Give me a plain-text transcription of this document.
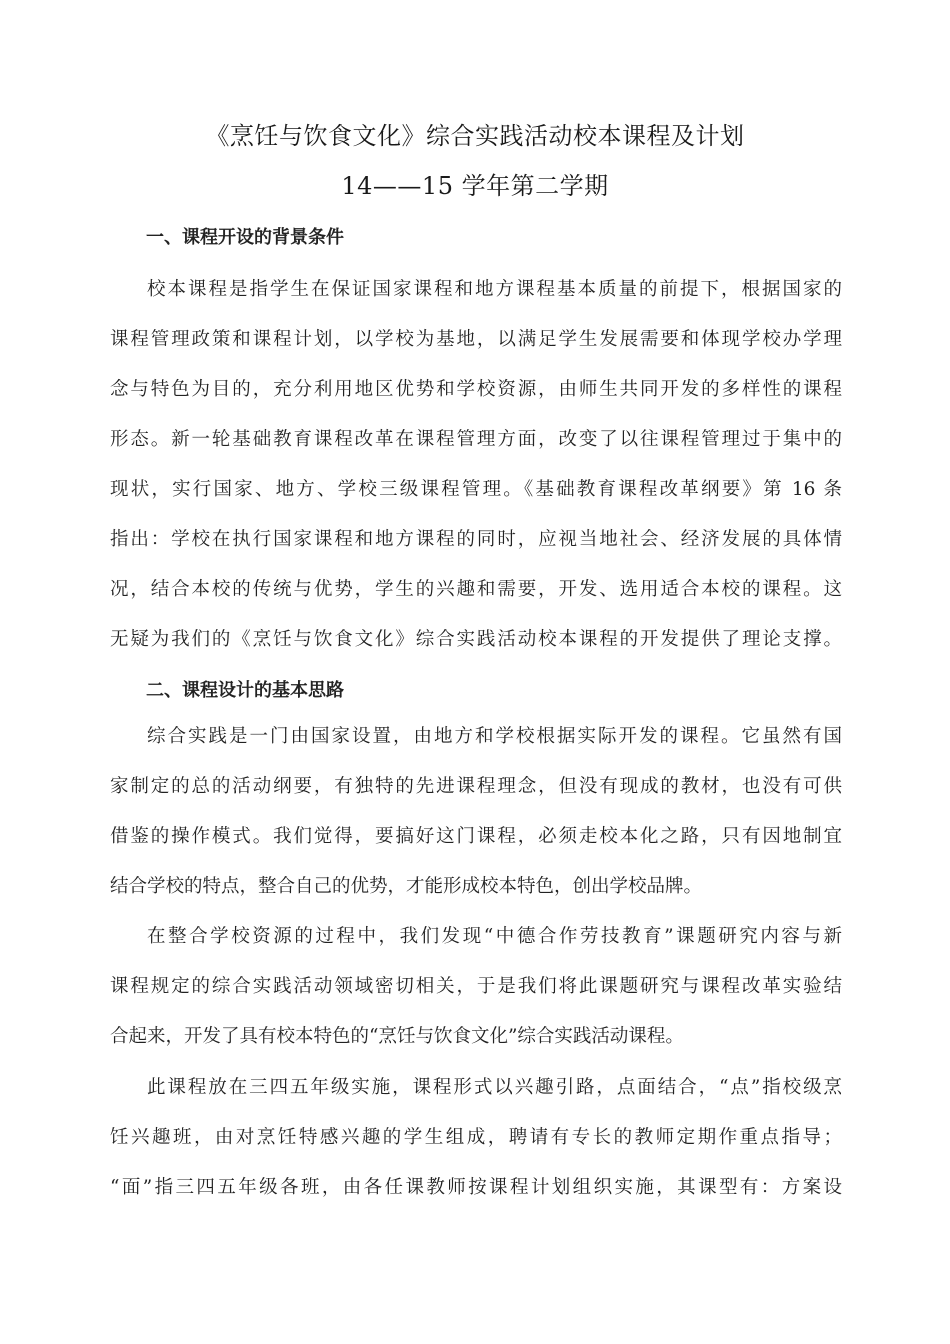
《烹饪与饮食文化》综合实践活动校本课程及计划
14——15 学年第二学期
一、课程开设的背景条件
校本课程是指学生在保证国家课程和地方课程基本质量的前提下，根据国家的
课程管理政策和课程计划，以学校为基地，以满足学生发展需要和体现学校办学理
念与特色为目的，充分利用地区优势和学校资源，由师生共同开发的多样性的课程
形态。新一轮基础教育课程改革在课程管理方面，改变了以往课程管理过于集中的
现状，实行国家、地方、学校三级课程管理。《基础教育课程改革纲要》第 16 条
指出：学校在执行国家课程和地方课程的同时，应视当地社会、经济发展的具体情
况，结合本校的传统与优势，学生的兴趣和需要，开发、选用适合本校的课程。这
无疑为我们的《烹饪与饮食文化》综合实践活动校本课程的开发提供了理论支撑。
二、课程设计的基本思路
综合实践是一门由国家设置，由地方和学校根据实际开发的课程。它虽然有国
家制定的总的活动纲要，有独特的先进课程理念，但没有现成的教材，也没有可供
借鉴的操作模式。我们觉得，要搞好这门课程，必须走校本化之路，只有因地制宜
结合学校的特点，整合自己的优势，才能形成校本特色，创出学校品牌。
在整合学校资源的过程中，我们发现“中德合作劳技教育”课题研究内容与新
课程规定的综合实践活动领域密切相关，于是我们将此课题研究与课程改革实验结
合起来，开发了具有校本特色的“烹饪与饮食文化”综合实践活动课程。
此课程放在三四五年级实施，课程形式以兴趣引路，点面结合，“点”指校级烹
饪兴趣班，由对烹饪特感兴趣的学生组成，聘请有专长的教师定期作重点指导；
“面”指三四五年级各班，由各任课教师按课程计划组织实施，其课型有：方案设
